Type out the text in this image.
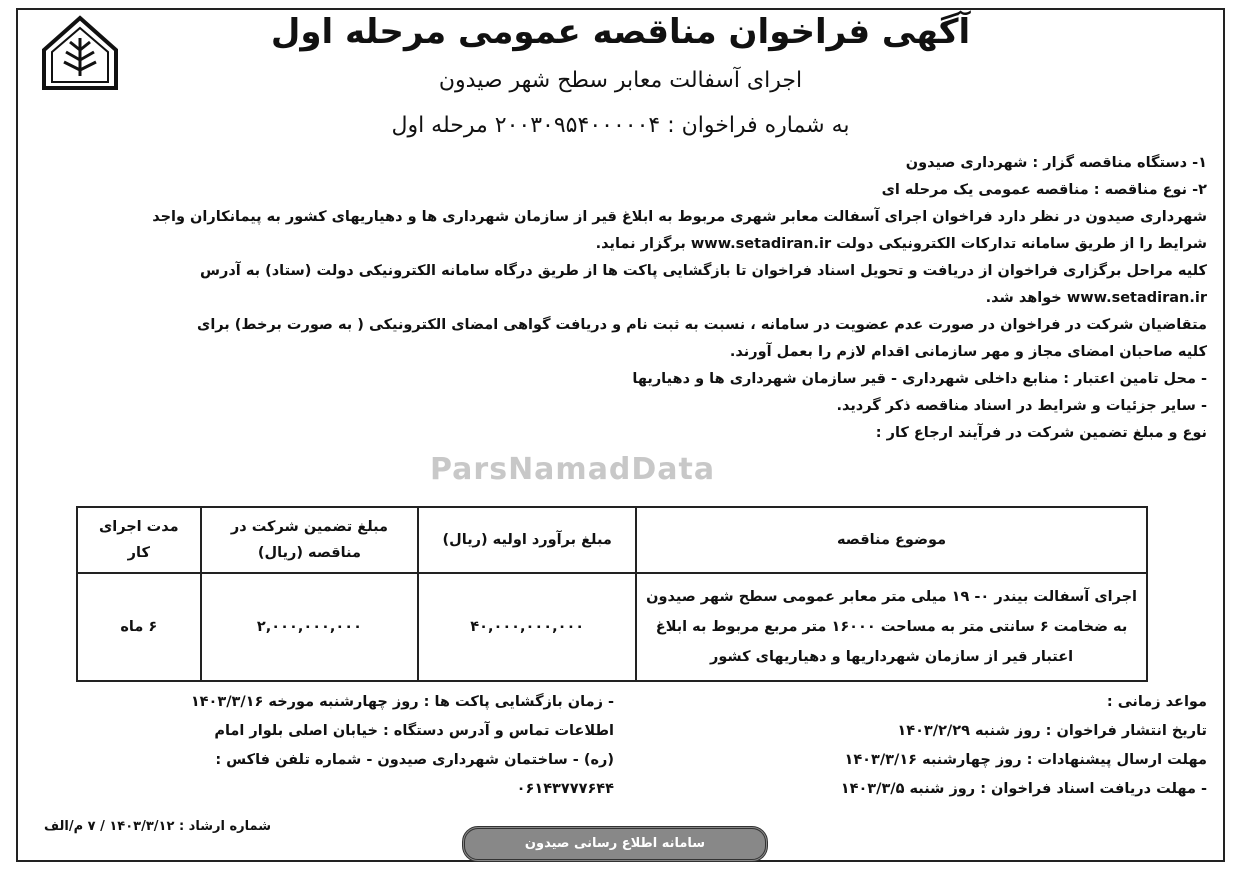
آگهی فراخوان مناقصه عمومی مرحله اول
اجرای آسفالت معابر سطح شهر صیدون
به شماره فراخوان : ۲۰۰۳۰۹۵۴۰۰۰۰۰۴ مرحله اول
ParsNamadData

۱- دستگاه مناقصه گزار : شهرداری صیدون

۲- نوع مناقصه : مناقصه عمومی یک مرحله ای

شهرداری صیدون در نظر دارد فراخوان اجرای آسفالت معابر شهری مربوط به ابلاغ قیر از سازمان شهرداری ها و دهیاریهای کشور به پیمانکاران واجد

شرایط را از طریق سامانه تدارکات الکترونیکی دولت www.setadiran.ir برگزار نماید.

کلیه مراحل برگزاری فراخوان از دریافت و تحویل اسناد فراخوان تا بازگشایی پاکت ها از طریق درگاه سامانه الکترونیکی دولت (ستاد) به آدرس

www.setadiran.ir خواهد شد.

متقاضیان شرکت در فراخوان در صورت عدم عضویت در سامانه ، نسبت به ثبت نام و دریافت گواهی امضای الکترونیکی ( به صورت برخط) برای

کلیه صاحبان امضای مجاز و مهر سازمانی اقدام لازم را بعمل آورند.

- محل تامین اعتبار : منابع داخلی شهرداری - قیر سازمان شهرداری ها و دهیاریها

- سایر جزئیات و شرایط در اسناد مناقصه ذکر گردید.

نوع و مبلغ تضمین شرکت در فرآیند ارجاع کار :

موضوع مناقصه	مبلغ برآورد اولیه (ریال)	مبلغ تضمین شرکت در مناقصه (ریال)	مدت اجرای کار
اجرای آسفالت بیندر ۰- ۱۹ میلی متر معابر عمومی سطح شهر صیدون به ضخامت ۶ سانتی متر به مساحت ۱۶۰۰۰ متر مربع مربوط به ابلاغ اعتبار قیر از سازمان شهرداریها و دهیاریهای کشور	۴۰,۰۰۰,۰۰۰,۰۰۰	۲,۰۰۰,۰۰۰,۰۰۰	۶ ماه

مواعد زمانی :

تاریخ انتشار فراخوان : روز شنبه ۱۴۰۳/۲/۲۹

مهلت ارسال پیشنهادات : روز چهارشنبه ۱۴۰۳/۳/۱۶

- مهلت دریافت اسناد فراخوان : روز شنبه ۱۴۰۳/۳/۵

- زمان بازگشایی پاکت ها : روز چهارشنبه مورخه ۱۴۰۳/۳/۱۶

اطلاعات تماس و آدرس دستگاه : خیابان اصلی بلوار امام

(ره) - ساختمان شهرداری صیدون - شماره تلفن فاکس :

۰۶۱۴۳۷۷۷۶۴۴

شماره ارشاد : ۱۴۰۳/۳/۱۲ / ۷ م/الف
سامانه اطلاع رسانی صیدون
